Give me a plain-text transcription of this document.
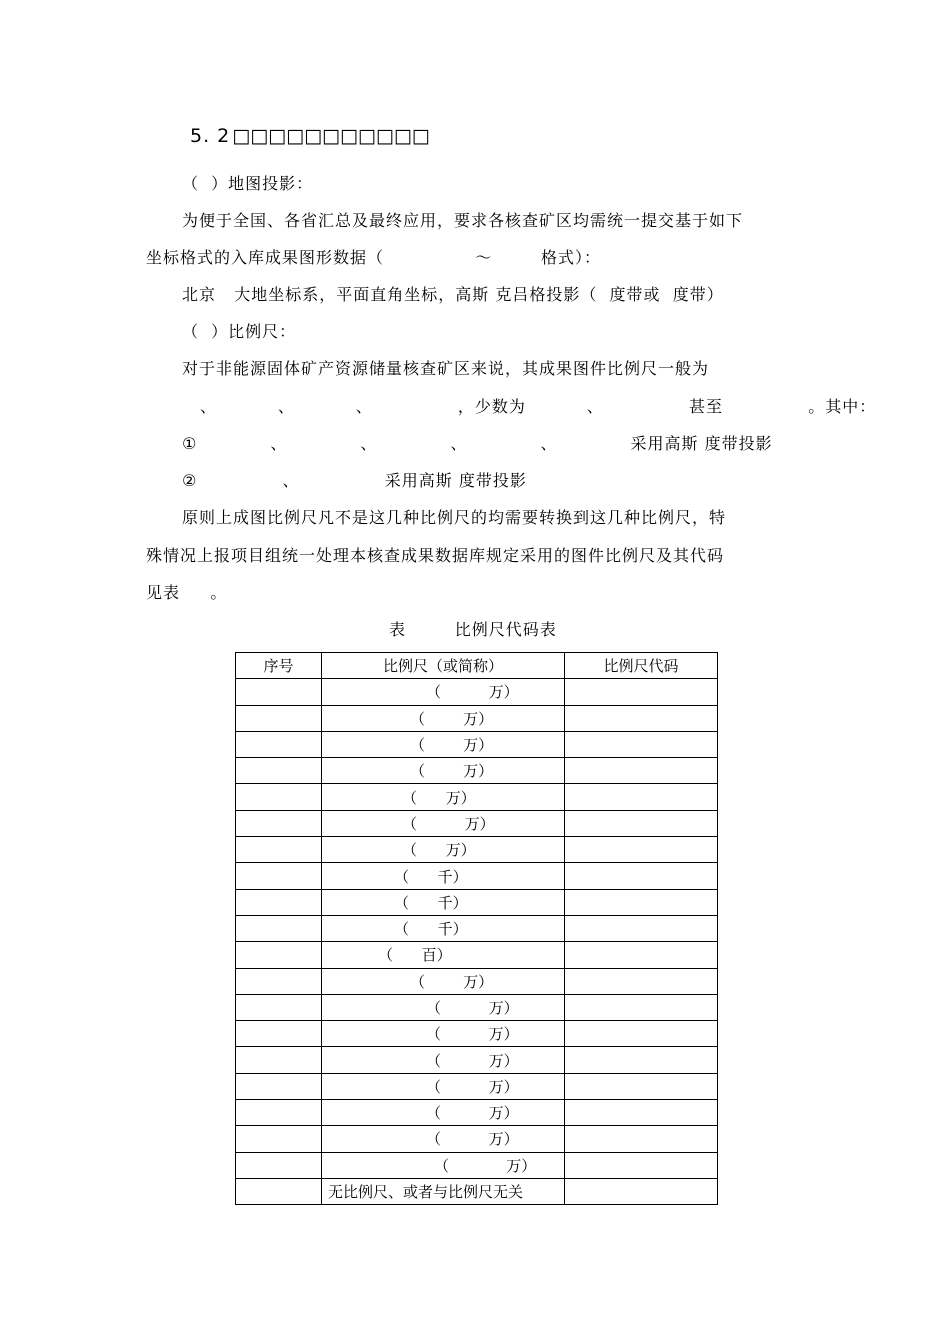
5. 2 □□□□□□□□□□□
（  ）地图投影：
为便于全国、各省汇总及最终应用，要求各核查矿区均需统一提交基于如下
坐标格式的入库成果图形数据（               ～        格式）：
北京   大地坐标系，平面直角坐标，高斯 克吕格投影（  度带或  度带）
（  ）比例尺：
对于非能源固体矿产资源储量核查矿区来说，其成果图件比例尺一般为
、          、          、              ，少数为          、              甚至              。其中：
①            、            、            、            、            采用高斯 度带投影
②              、              采用高斯 度带投影
原则上成图比例尺凡不是这几种比例尺的均需要转换到这几种比例尺，特
殊情况上报项目组统一处理本核查成果数据库规定采用的图件比例尺及其代码
见表     。
表        比例尺代码表
序号	比例尺（或简称）	比例尺代码
	（          万）	
	（        万）	
	（        万）	
	（        万）	
	（      万）	
	（          万）	
	（      万）	
	（      千）	
	（      千）	
	（      千）	
	（      百）	
	（        万）	
	（          万）	
	（          万）	
	（          万）	
	（          万）	
	（          万）	
	（          万）	
	（            万）	
	无比例尺、或者与比例尺无关	
